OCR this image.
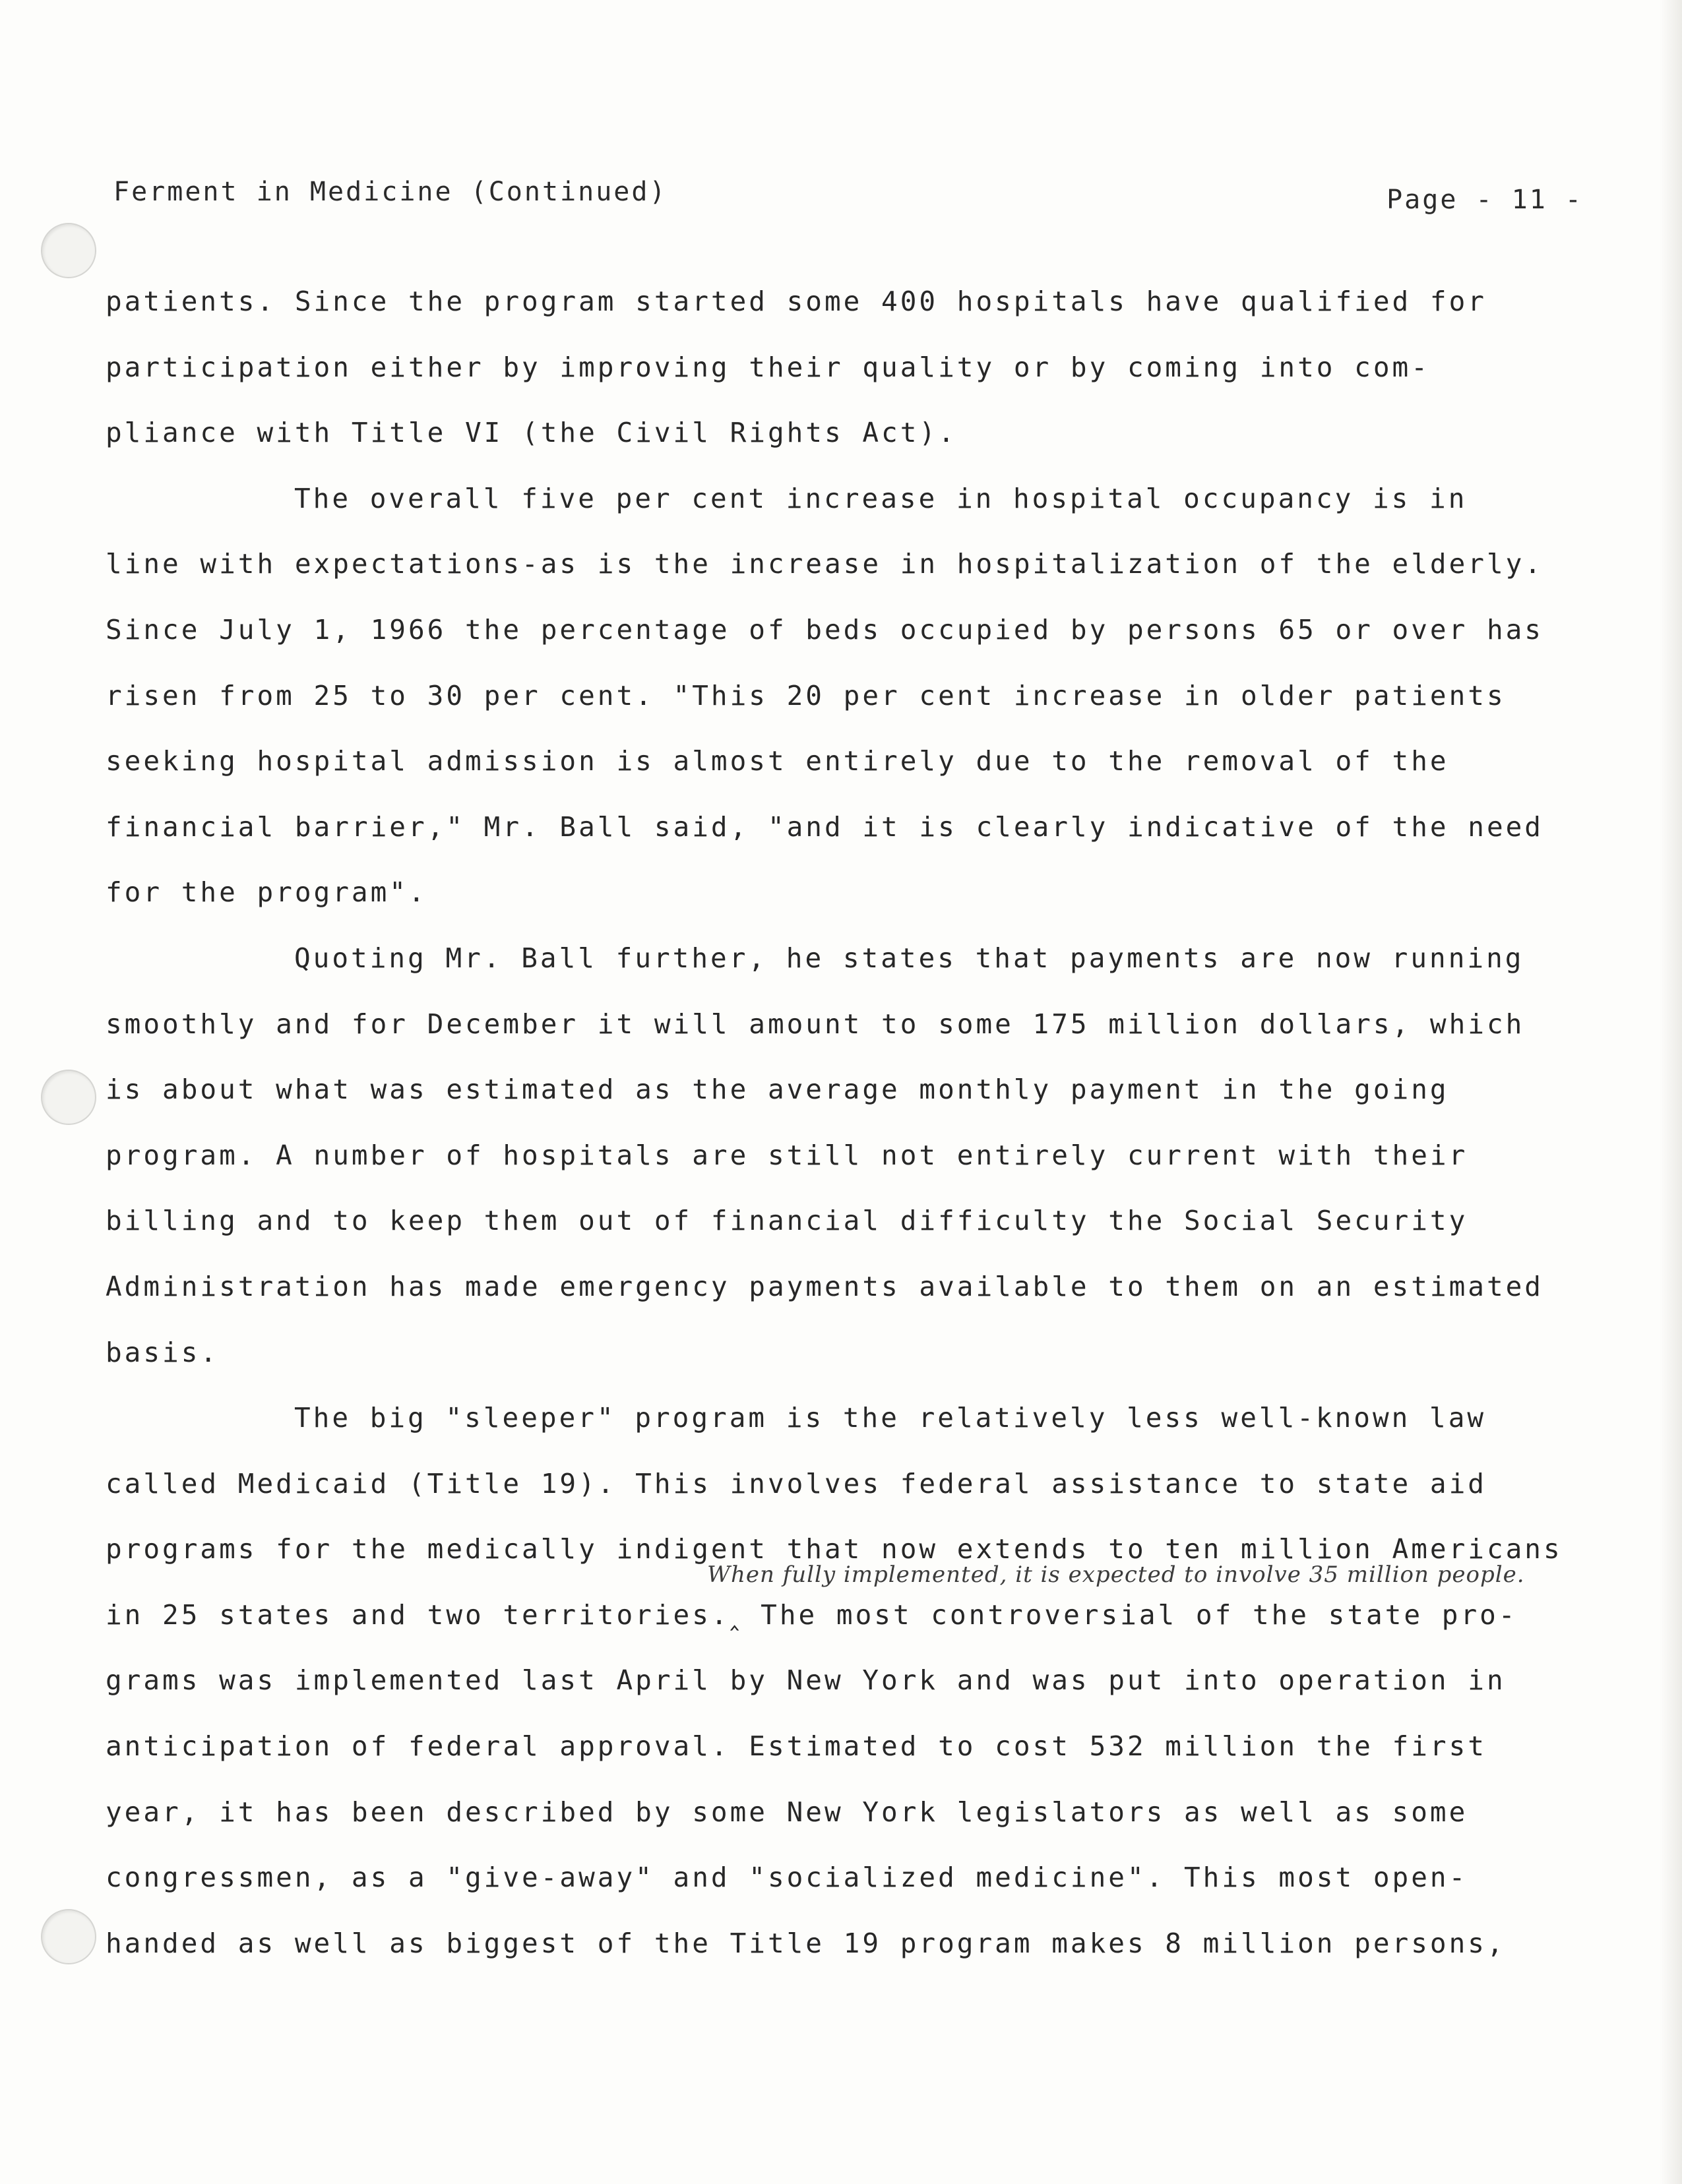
Ferment in Medicine (Continued)	Page - 11 -
patients. Since the program started some 400 hospitals have qualified for
participation either by improving their quality or by coming into com-
pliance with Title VI (the Civil Rights Act).
The overall five per cent increase in hospital occupancy is in
line with expectations-as is the increase in hospitalization of the elderly.
Since July 1, 1966 the percentage of beds occupied by persons 65 or over has
risen from 25 to 30 per cent. "This 20 per cent increase in older patients
seeking hospital admission is almost entirely due to the removal of the
financial barrier," Mr. Ball said, "and it is clearly indicative of the need
for the program".
Quoting Mr. Ball further, he states that payments are now running
smoothly and for December it will amount to some 175 million dollars, which
is about what was estimated as the average monthly payment in the going
program. A number of hospitals are still not entirely current with their
billing and to keep them out of financial difficulty the Social Security
Administration has made emergency payments available to them on an estimated
basis.
The big "sleeper" program is the relatively less well-known law
called Medicaid (Title 19). This involves federal assistance to state aid
programs for the medically indigent that now extends to ten million Americans
in 25 states and two territories.‸ The most controversial of the state pro-
When fully implemented, it is expected to involve 35 million people.
grams was implemented last April by New York and was put into operation in
anticipation of federal approval. Estimated to cost 532 million the first
year, it has been described by some New York legislators as well as some
congressmen, as a "give-away" and "socialized medicine". This most open-
handed as well as biggest of the Title 19 program makes 8 million persons,
